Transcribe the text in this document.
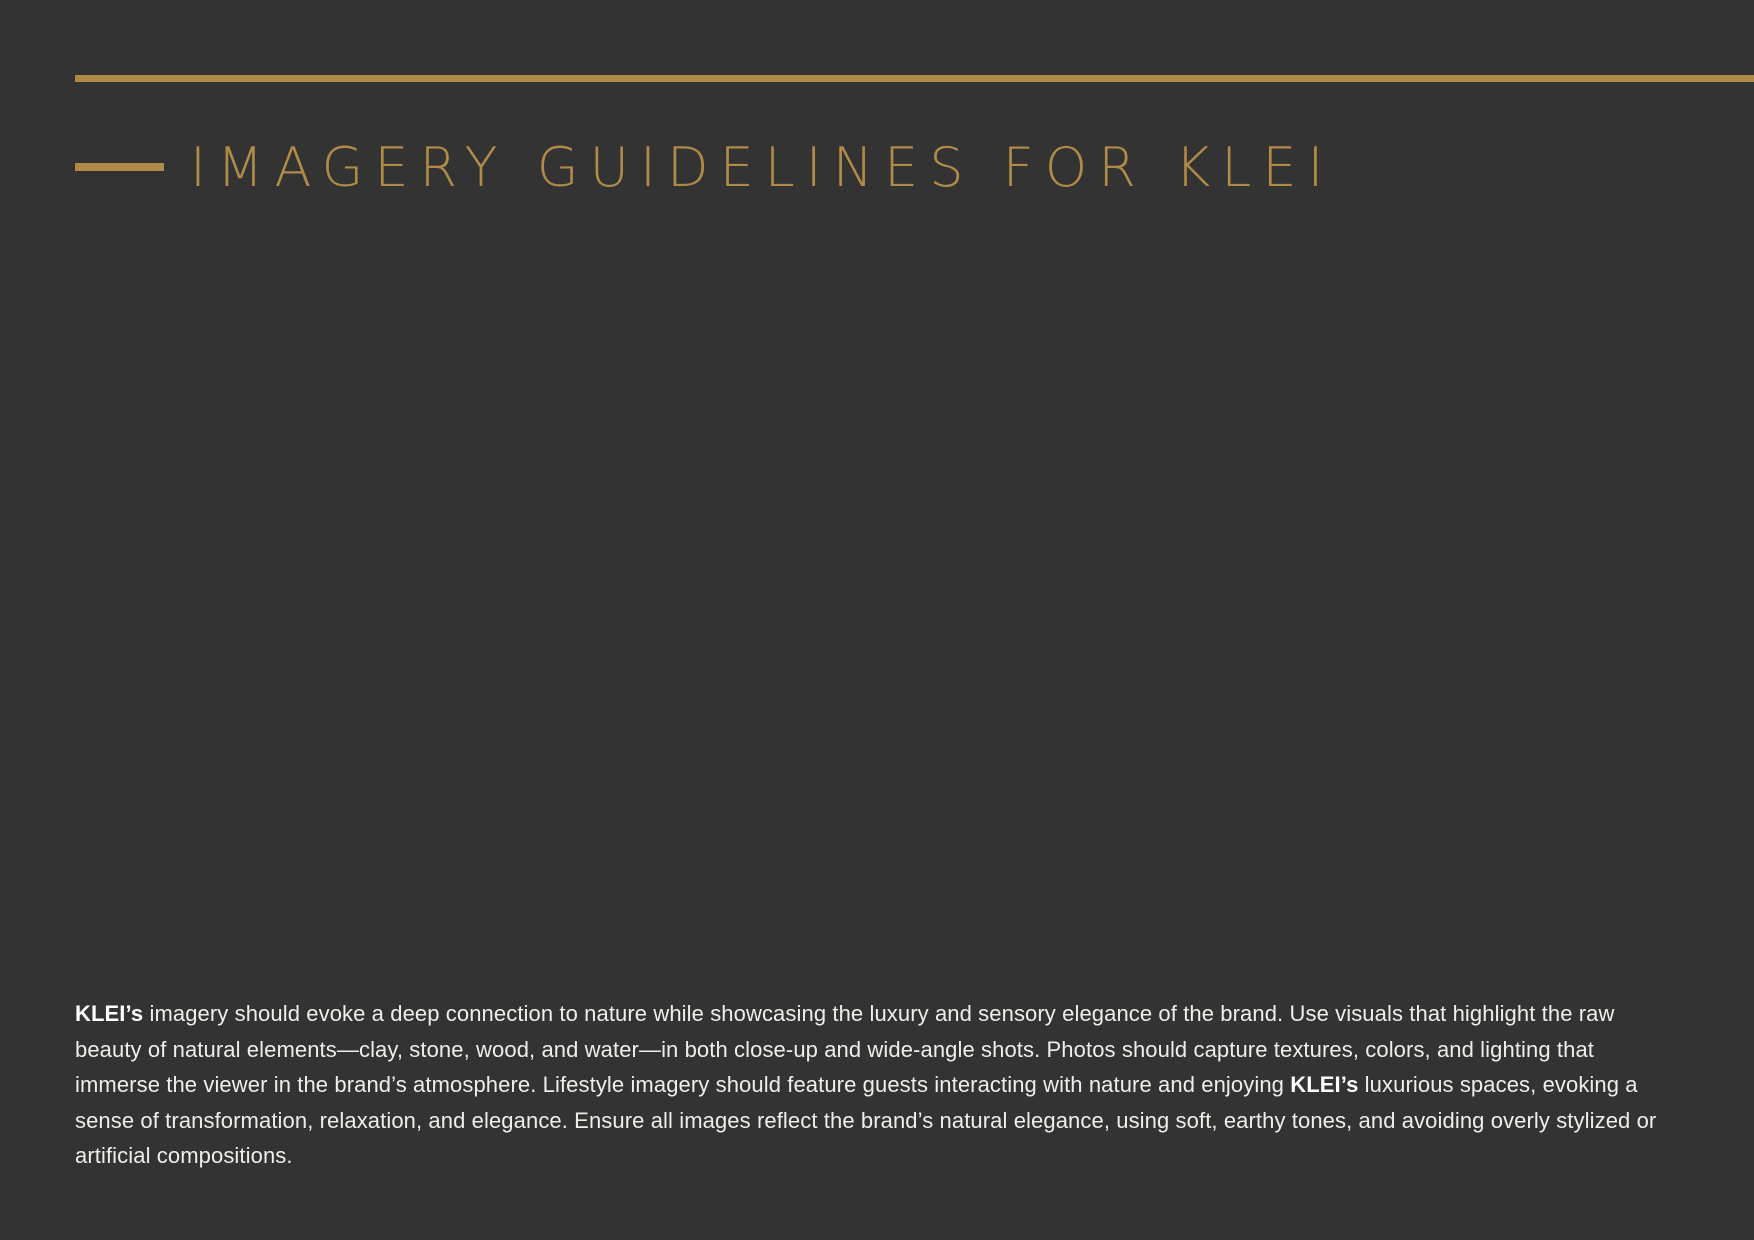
IMAGERY GUIDELINES FOR KLEI

KLEI’s imagery should evoke a deep connection to nature while showcasing the luxury and sensory elegance of the brand. Use visuals that highlight the raw beauty of natural elements—clay, stone, wood, and water—in both close-up and wide-angle shots. Photos should capture textures, colors, and lighting that immerse the viewer in the brand’s atmosphere. Lifestyle imagery should feature guests interacting with nature and enjoying KLEI’s luxurious spaces, evoking a sense of transformation, relaxation, and elegance. Ensure all images reflect the brand’s natural elegance, using soft, earthy tones, and avoiding overly stylized or artificial compositions.
